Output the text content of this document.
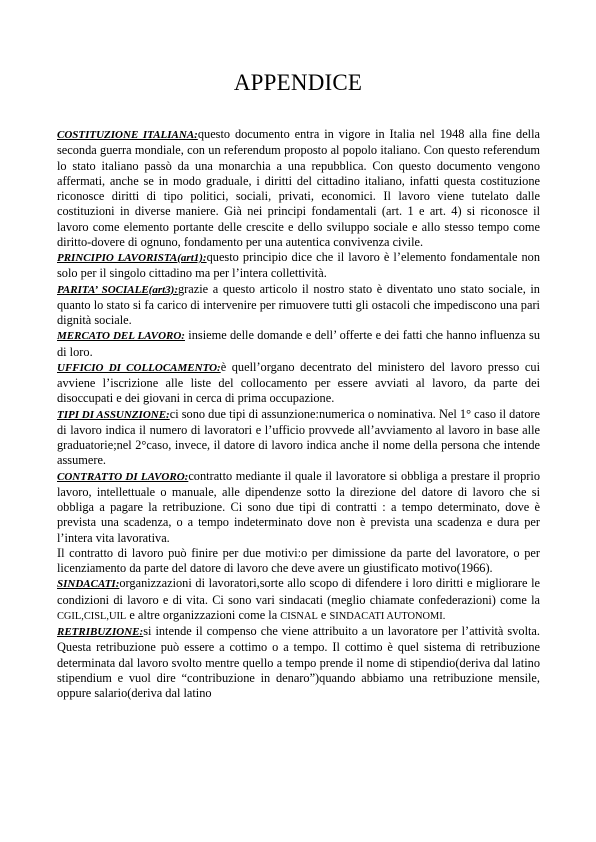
APPENDICE

COSTITUZIONE ITALIANA:questo documento entra in vigore in Italia nel 1948 alla fine della seconda guerra mondiale, con un referendum proposto al popolo italiano. Con questo referendum lo stato italiano passò da una monarchia a una repubblica. Con questo documento vengono affermati, anche se in modo graduale, i diritti del cittadino italiano, infatti questa costituzione riconosce diritti di tipo politici, sociali, privati, economici. Il lavoro viene tutelato dalle costituzioni in diverse maniere. Già nei principi fondamentali (art. 1 e art. 4) si riconosce il lavoro come elemento portante delle crescite e dello sviluppo sociale e allo stesso tempo come diritto-dovere di ognuno, fondamento per una autentica convivenza civile.

PRINCIPIO LAVORISTA(art1):questo principio dice che il lavoro è l’elemento fondamentale non solo per il singolo cittadino ma per l’intera collettività.

PARITA’ SOCIALE(art3):grazie a questo articolo il nostro stato è diventato uno stato sociale, in quanto lo stato si fa carico di intervenire per rimuovere tutti gli ostacoli che impediscono una pari dignità sociale.

MERCATO DEL LAVORO: insieme delle domande e dell’ offerte e dei fatti che hanno influenza su di loro.

UFFICIO DI COLLOCAMENTO:è quell’organo decentrato del ministero del lavoro presso cui avviene l’iscrizione alle liste del collocamento per essere avviati al lavoro, da parte dei disoccupati e dei giovani in cerca di prima occupazione.

TIPI DI ASSUNZIONE:ci sono due tipi di assunzione:numerica o nominativa. Nel 1° caso il datore di lavoro indica il numero di lavoratori e l’ufficio provvede all’avviamento al lavoro in base alle graduatorie;nel 2°caso, invece, il datore di lavoro indica anche il nome della persona che intende assumere.

CONTRATTO DI LAVORO:contratto mediante il quale il lavoratore si obbliga a prestare il proprio lavoro, intellettuale o manuale, alle dipendenze sotto la direzione del datore di lavoro che si obbliga a pagare la retribuzione. Ci sono due tipi di contratti : a tempo determinato, dove è prevista una scadenza, o a tempo indeterminato dove non è prevista una scadenza e dura per l’intera vita lavorativa.

Il contratto di lavoro può finire per due motivi:o per dimissione da parte del lavoratore, o per licenziamento da parte del datore di lavoro che deve avere un giustificato motivo(1966).

SINDACATI:organizzazioni di lavoratori,sorte allo scopo di difendere i loro diritti e migliorare le condizioni di lavoro e di vita. Ci sono vari sindacati (meglio chiamate confederazioni) come la CGIL,CISL,UIL e altre organizzazioni come la CISNAL e SINDACATI AUTONOMI.

RETRIBUZIONE:si intende il compenso che viene attribuito a un lavoratore per l’attività svolta. Questa retribuzione può essere a cottimo o a tempo. Il cottimo è quel sistema di retribuzione determinata dal lavoro svolto mentre quello a tempo prende il nome di stipendio(deriva dal latino stipendium e vuol dire “contribuzione in denaro”)quando abbiamo una retribuzione mensile, oppure salario(deriva dal latino
